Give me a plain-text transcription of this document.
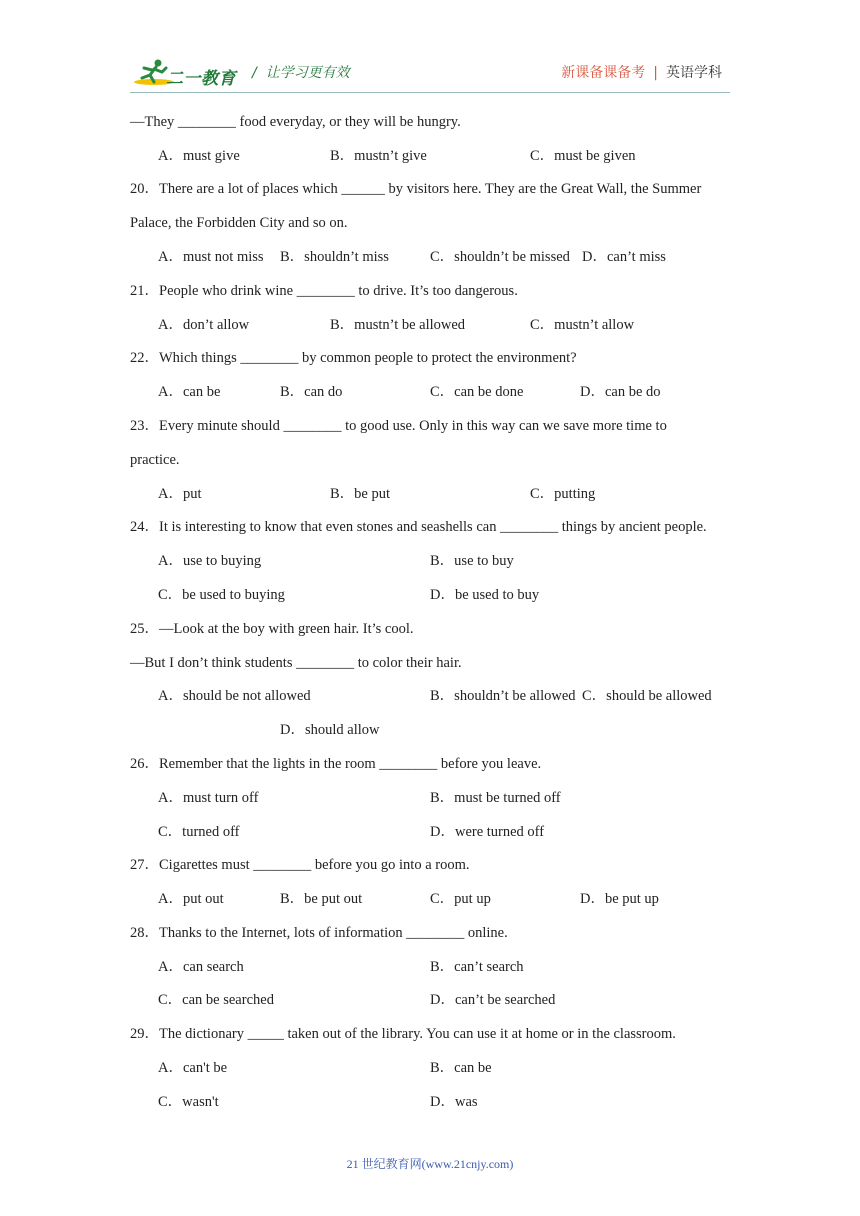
二一教育 /  让学习更有效	新课备课备考 | 英语学科
—They ________ food everyday, or they will be hungry.
A．must give	B．mustn’t give	C．must be given
20．There are a lot of places which ______ by visitors here. They are the Great Wall, the Summer
Palace, the Forbidden City and so on.
A．must not miss B．shouldn’t miss	C．shouldn’t be missed D．can’t miss
21．People who drink wine ________ to drive. It’s too dangerous.
A．don’t allow	B．mustn’t be allowed	C．mustn’t allow
22．Which things ________ by common people to protect the environment?
A．can be	B．can do	C．can be done	D．can be do
23．Every minute should ________ to good use. Only in this way can we save more time to
practice.
A．put	B．be put	C．putting
24．It is interesting to know that even stones and seashells can ________ things by ancient people.
A．use to buying	B．use to buy
C．be used to buying	D．be used to buy
25．—Look at the boy with green hair. It’s cool.
—But I don’t think students ________ to color their hair.
A．should be not allowed	B．shouldn’t be allowed C．should be allowed
D．should allow
26．Remember that the lights in the room ________ before you leave.
A．must turn off	B．must be turned off
C．turned off	D．were turned off
27．Cigarettes must ________ before you go into a room.
A．put out	B．be put out	C．put up	D．be put up
28．Thanks to the Internet, lots of information ________ online.
A．can search	B．can’t search
C．can be searched	D．can’t be searched
29．The dictionary _____ taken out of the library. You can use it at home or in the classroom.
A．can't be	B．can be
C．wasn't	D．was
21 世纪教育网(www.21cnjy.com)
